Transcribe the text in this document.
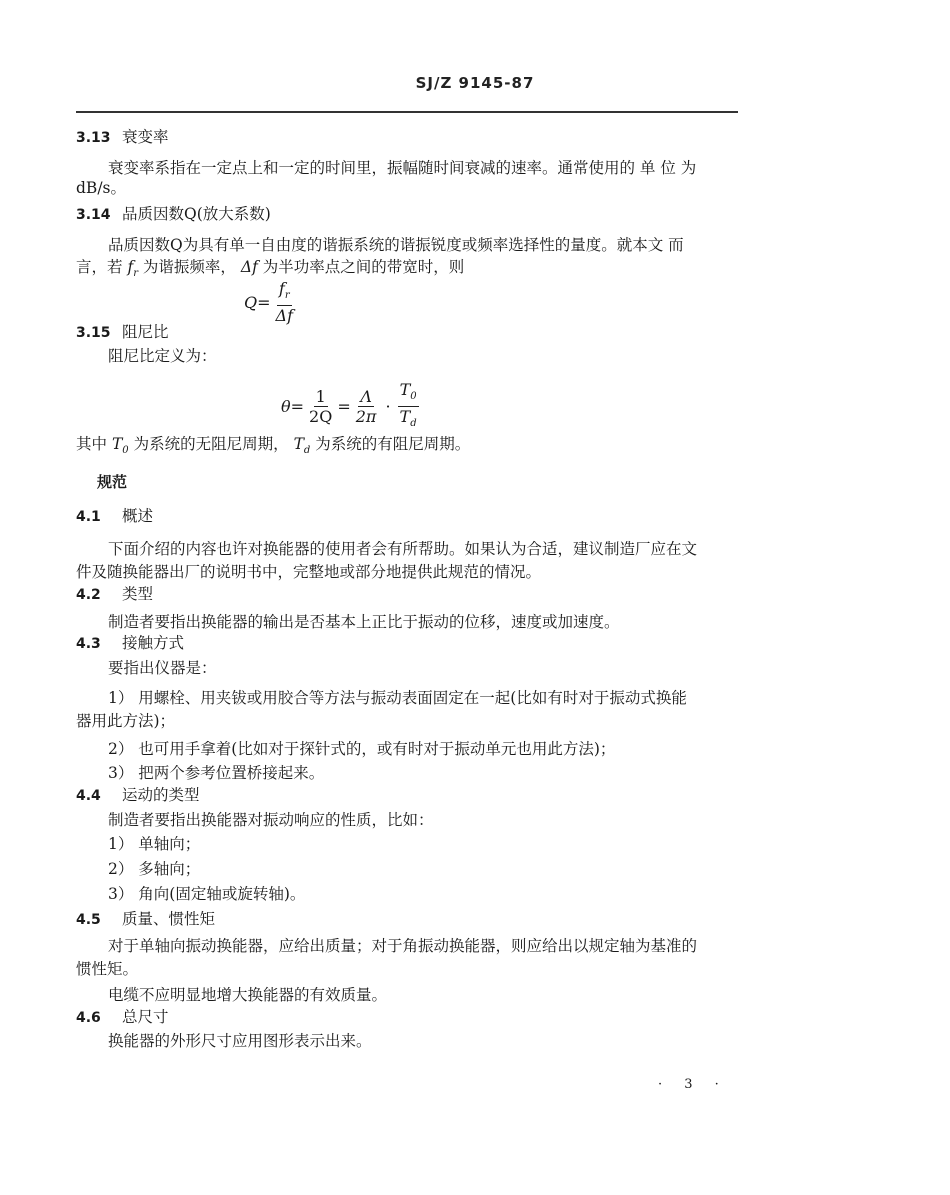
SJ/Z 9145-87
3.13 衰变率
衰变率系指在一定点上和一定的时间里，振幅随时间衰减的速率。通常使用的 单 位 为
dB/s。
3.14 品质因数Q(放大系数)
品质因数Q为具有单一自由度的谐振系统的谐振锐度或频率选择性的量度。就本文 而
言，若 $f_r$ 为谐振频率， Δf 为半功率点之间的带宽时，则
$Q= \frac{f_r}{\Delta f}$
3.15 阻尼比
阻尼比定义为：
$\theta= \frac{1}{2Q} = \frac{\Lambda}{2\pi} \cdot \frac{T_0}{T_d}$
其中 $T_0$ 为系统的无阻尼周期， $T_d$ 为系统的有阻尼周期。
规范
4.1 概述
下面介绍的内容也许对换能器的使用者会有所帮助。如果认为合适，建议制造厂应在文
件及随换能器出厂的说明书中，完整地或部分地提供此规范的情况。
4.2 类型
制造者要指出换能器的输出是否基本上正比于振动的位移，速度或加速度。
4.3 接触方式
要指出仪器是：
1） 用螺栓、用夹钹或用胶合等方法与振动表面固定在一起(比如有时对于振动式换能
器用此方法)；
2） 也可用手拿着(比如对于探针式的，或有时对于振动单元也用此方法)；
3） 把两个参考位置桥接起来。
4.4 运动的类型
制造者要指出换能器对振动响应的性质，比如：
1） 单轴向；
2） 多轴向；
3） 角向(固定轴或旋转轴)。
4.5 质量、惯性矩
对于单轴向振动换能器，应给出质量；对于角振动换能器，则应给出以规定轴为基准的
惯性矩。
电缆不应明显地增大换能器的有效质量。
4.6 总尺寸
换能器的外形尺寸应用图形表示出来。
· 3 ·
